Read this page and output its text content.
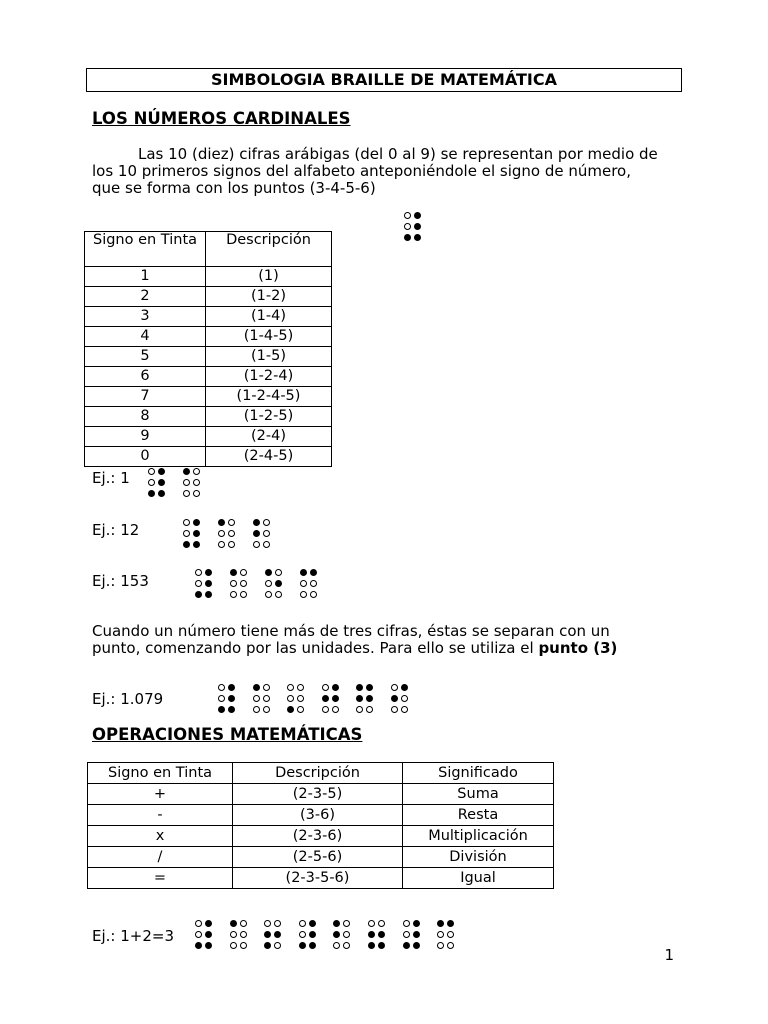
SIMBOLOGIA BRAILLE DE MATEMÁTICA
LOS NÚMEROS CARDINALES
Las 10 (diez) cifras arábigas (del 0 al 9) se representan por medio de
los 10 primeros signos del alfabeto anteponiéndole el signo de número,
que se forma con los puntos (3-4-5-6)
Signo en Tinta	Descripción
1	(1)
2	(1-2)
3	(1-4)
4	(1-4-5)
5	(1-5)
6	(1-2-4)
7	(1-2-4-5)
8	(1-2-5)
9	(2-4)
0	(2-4-5)
Ej.: 1
Ej.: 12
Ej.: 153
Cuando un número tiene más de tres cifras, éstas se separan con un
punto, comenzando por las unidades. Para ello se utiliza el punto (3)
Ej.: 1.079
OPERACIONES MATEMÁTICAS
Signo en Tinta	Descripción	Significado
+	(2-3-5)	Suma
-	(3-6)	Resta
x	(2-3-6)	Multiplicación
/	(2-5-6)	División
=	(2-3-5-6)	Igual
Ej.: 1+2=3
1
